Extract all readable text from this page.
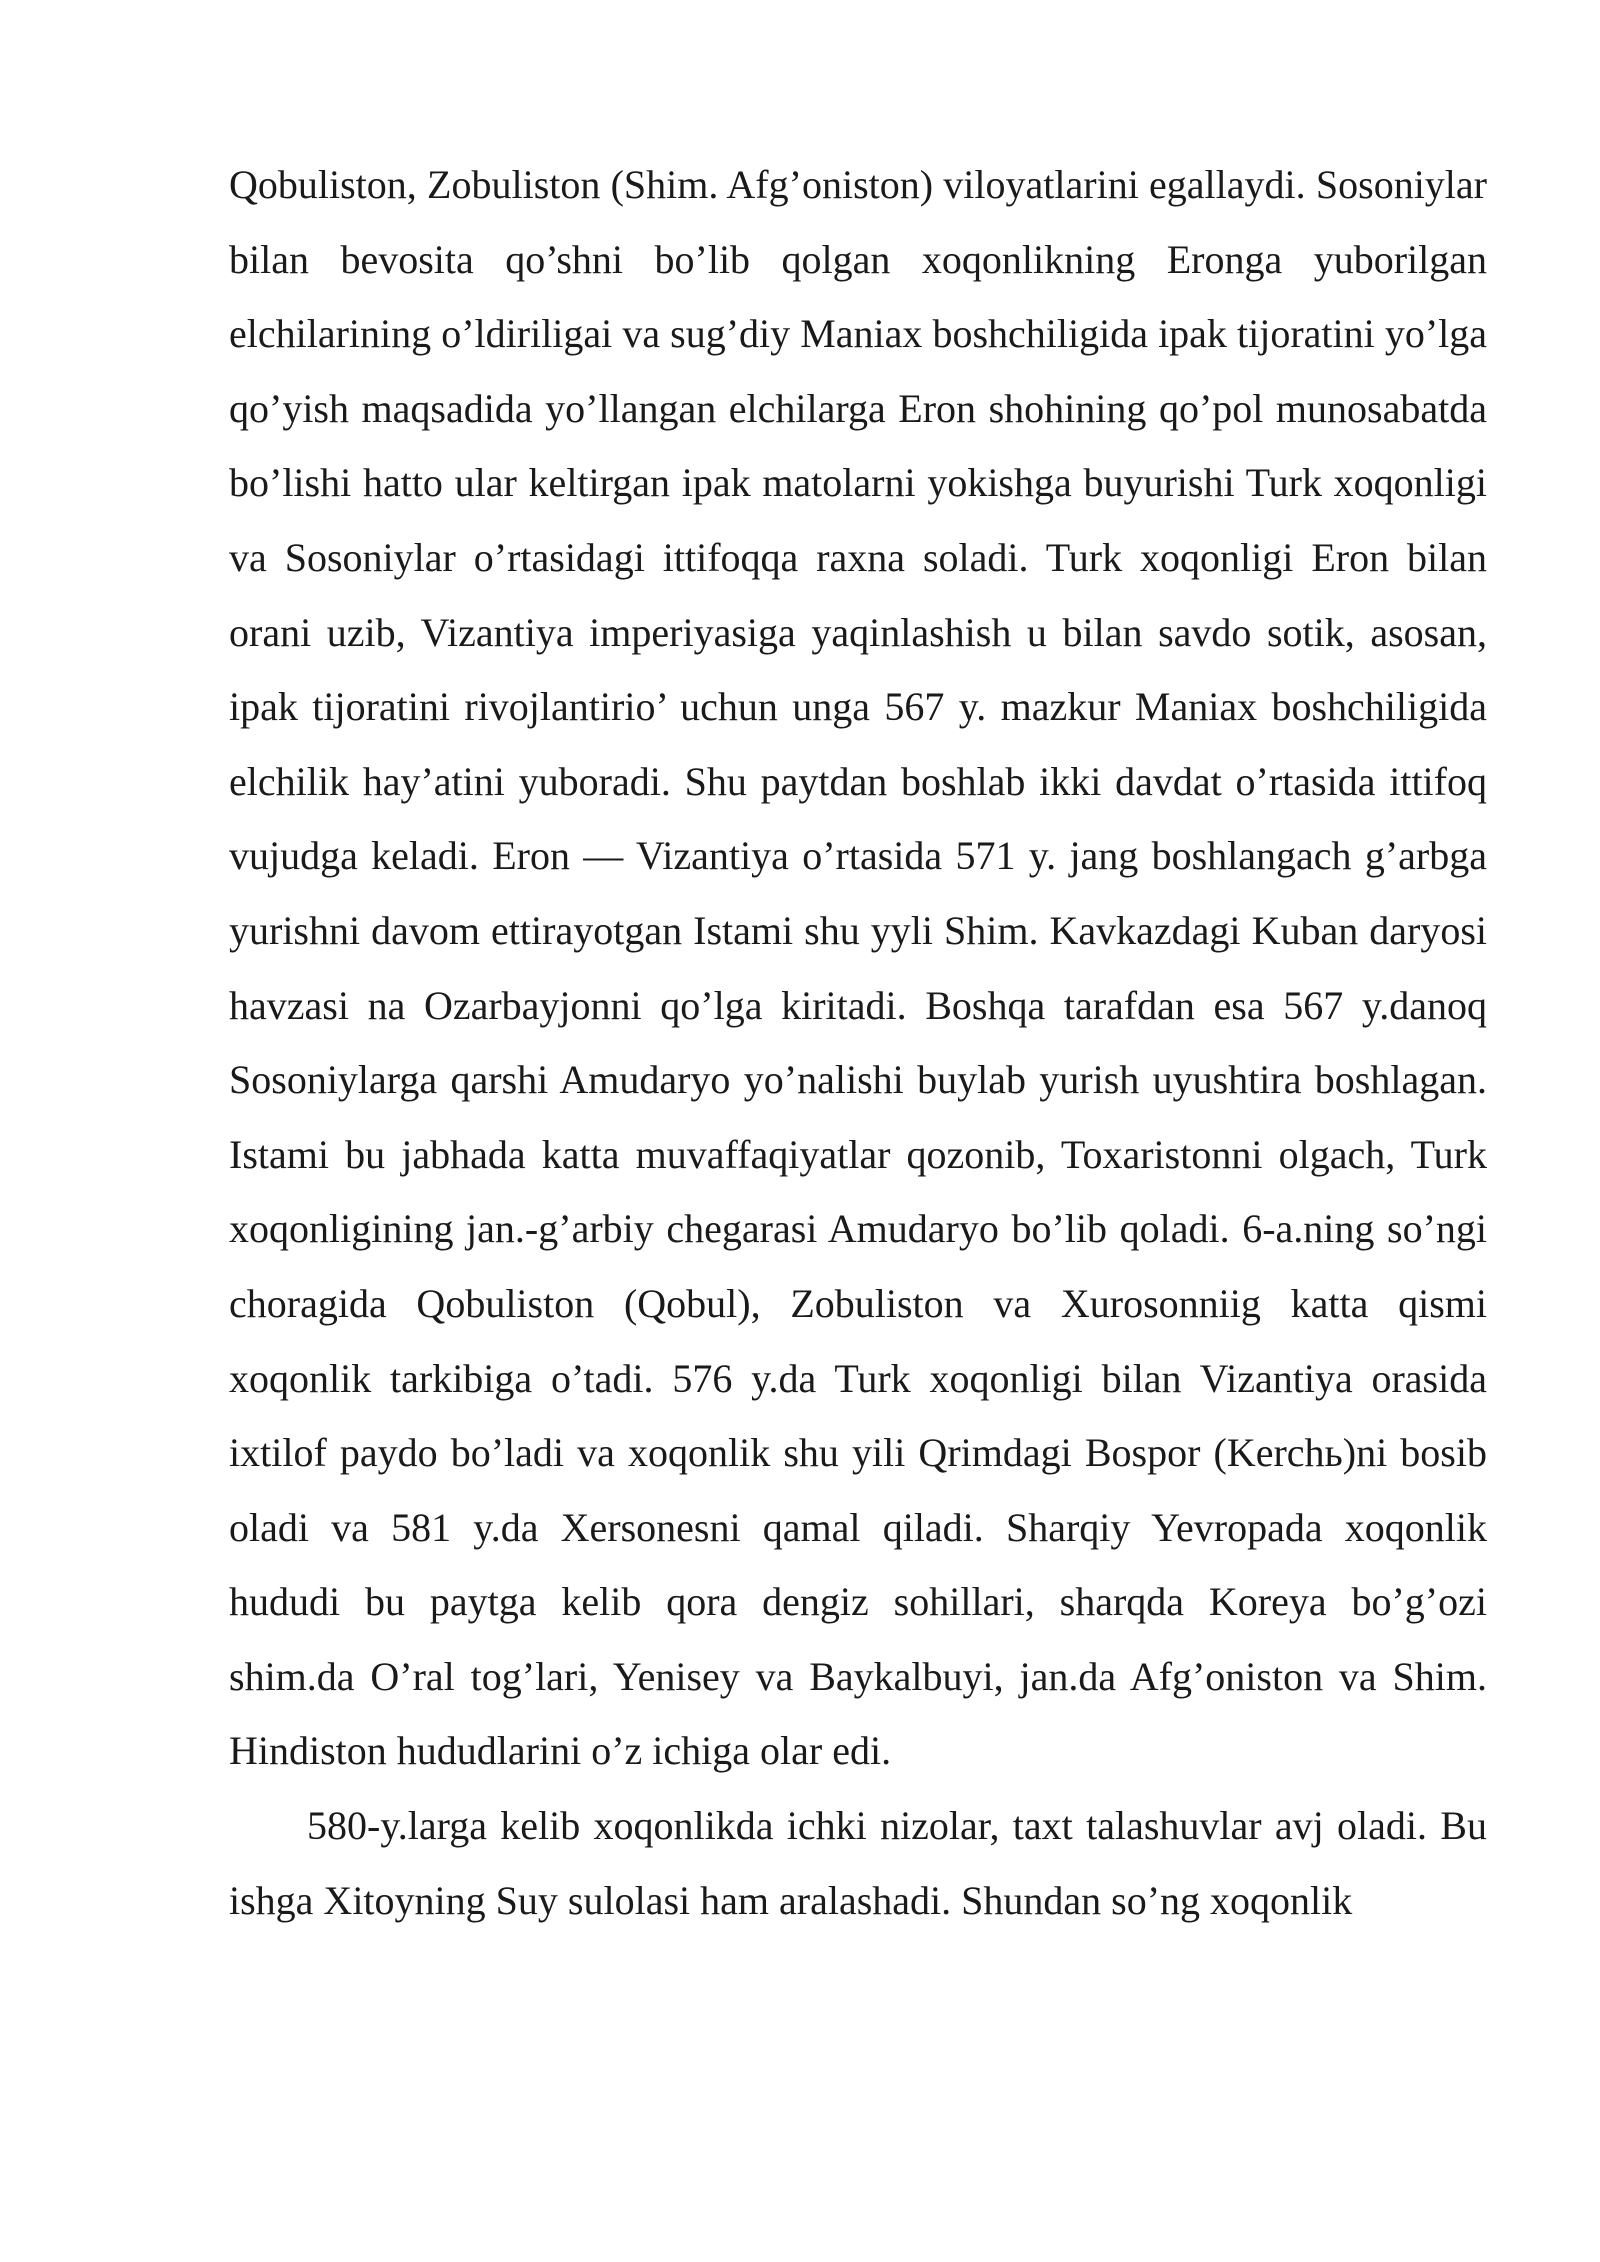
Qobuliston, Zobuliston (Shim. Afg’oniston) viloyatlarini egallaydi. Sosoniylar bilan bevosita qo’shni bo’lib qolgan xoqonlikning Eronga yuborilgan elchilarining o’ldiriligai va sug’diy Maniax boshchiligida ipak tijoratini yo’lga qo’yish maqsadida yo’llangan elchilarga Eron shohining qo’pol munosabatda bo’lishi hatto ular keltirgan ipak matolarni yokishga buyurishi Turk xoqonligi va Sosoniylar o’rtasidagi ittifoqqa raxna soladi. Turk xoqonligi Eron bilan orani uzib, Vizantiya imperiyasiga yaqinlashish u bilan savdo sotik, asosan, ipak tijoratini rivojlantirio’ uchun unga 567 y. mazkur Maniax boshchiligida elchilik hay’atini yuboradi. Shu paytdan boshlab ikki davdat o’rtasida ittifoq vujudga keladi. Eron — Vizantiya o’rtasida 571 y. jang boshlangach g’arbga yurishni davom ettirayotgan Istami shu yyli Shim. Kavkazdagi Kuban daryosi havzasi na Ozarbayjonni qo’lga kiritadi. Boshqa tarafdan esa 567 y.danoq Sosoniylarga qarshi Amudaryo yo’nalishi buylab yurish uyushtira boshlagan. Istami bu jabhada katta muvaffaqiyatlar qozonib, Toxaristonni olgach, Turk xoqonligining jan.-g’arbiy chegarasi Amudaryo bo’lib qoladi. 6-a.ning so’ngi choragida Qobuliston (Qobul), Zobuliston va Xurosonniig katta qismi xoqonlik tarkibiga o’tadi. 576 y.da Turk xoqonligi bilan Vizantiya orasida ixtilof paydo bo’ladi va xoqonlik shu yili Qrimdagi Bospor (Kerchь)ni bosib oladi va 581 y.da Xersonesni qamal qiladi. Sharqiy Yevropada xoqonlik hududi bu paytga kelib qora dengiz sohillari, sharqda Koreya bo’g’ozi shim.da O’ral tog’lari, Yenisey va Baykalbuyi, jan.da Afg’oniston va Shim. Hindiston hududlarini o’z ichiga olar edi.

580-y.larga kelib xoqonlikda ichki nizolar, taxt talashuvlar avj oladi. Bu ishga Xitoyning Suy sulolasi ham aralashadi. Shundan so’ng xoqonlik
